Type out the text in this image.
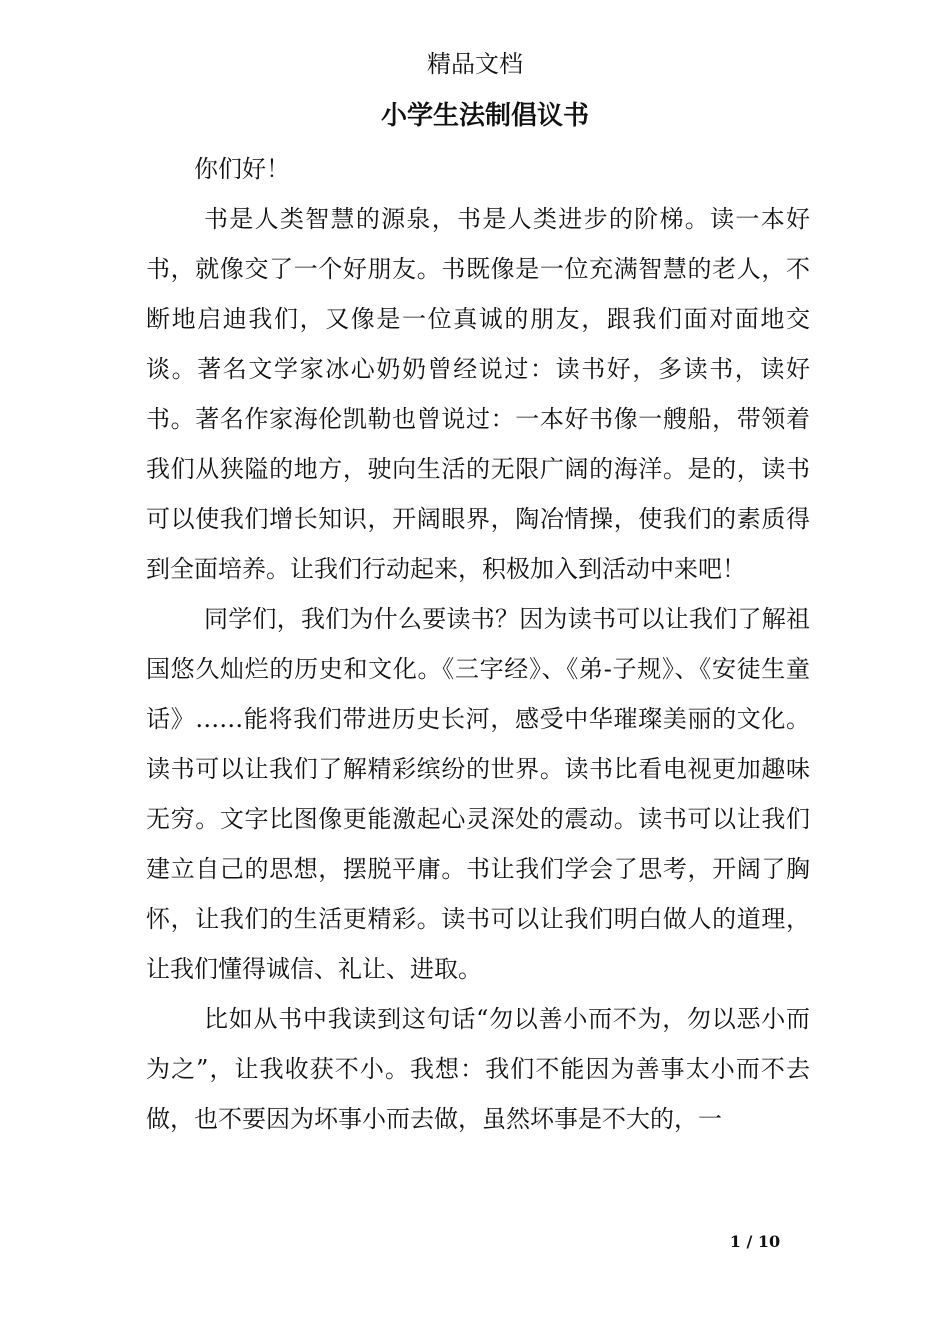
精品文档
小学生法制倡议书

你们好！

书是人类智慧的源泉，书是人类进步的阶梯。读一本好书，就像交了一个好朋友。书既像是一位充满智慧的老人，不断地启迪我们，又像是一位真诚的朋友，跟我们面对面地交谈。著名文学家冰心奶奶曾经说过：读书好，多读书，读好书。著名作家海伦凯勒也曾说过：一本好书像一艘船，带领着我们从狭隘的地方，驶向生活的无限广阔的海洋。是的，读书可以使我们增长知识，开阔眼界，陶冶情操，使我们的素质得到全面培养。让我们行动起来，积极加入到活动中来吧！

同学们，我们为什么要读书？因为读书可以让我们了解祖国悠久灿烂的历史和文化。《三字经》、《弟-子规》、《安徒生童话》……能将我们带进历史长河，感受中华璀璨美丽的文化。读书可以让我们了解精彩缤纷的世界。读书比看电视更加趣味无穷。文字比图像更能激起心灵深处的震动。读书可以让我们建立自己的思想，摆脱平庸。书让我们学会了思考，开阔了胸怀，让我们的生活更精彩。读书可以让我们明白做人的道理，让我们懂得诚信、礼让、进取。

比如从书中我读到这句话“勿以善小而不为，勿以恶小而为之”，让我收获不小。我想：我们不能因为善事太小而不去做，也不要因为坏事小而去做，虽然坏事是不大的，一

1 / 10
